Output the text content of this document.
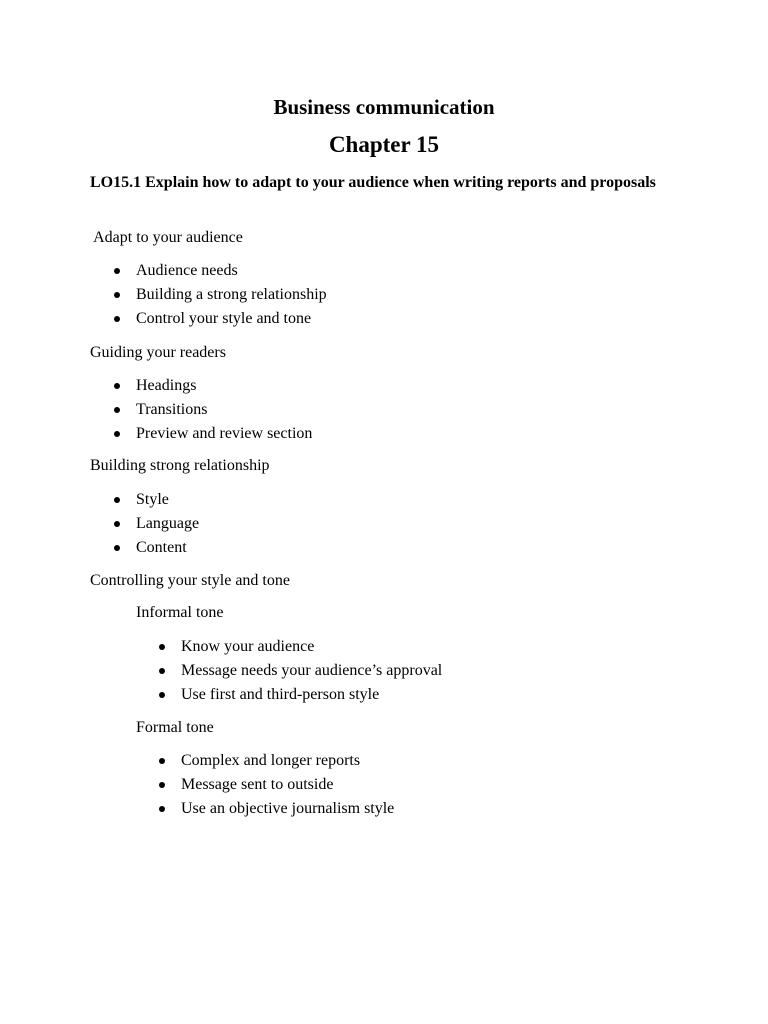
Business communication
Chapter 15

LO15.1 Explain how to adapt to your audience when writing reports and proposals

Adapt to your audience

Audience needs
Building a strong relationship
Control your style and tone

Guiding your readers

Headings
Transitions
Preview and review section

Building strong relationship

Style
Language
Content

Controlling your style and tone

Informal tone

Know your audience
Message needs your audience’s approval
Use first and third-person style

Formal tone

Complex and longer reports
Message sent to outside
Use an objective journalism style
